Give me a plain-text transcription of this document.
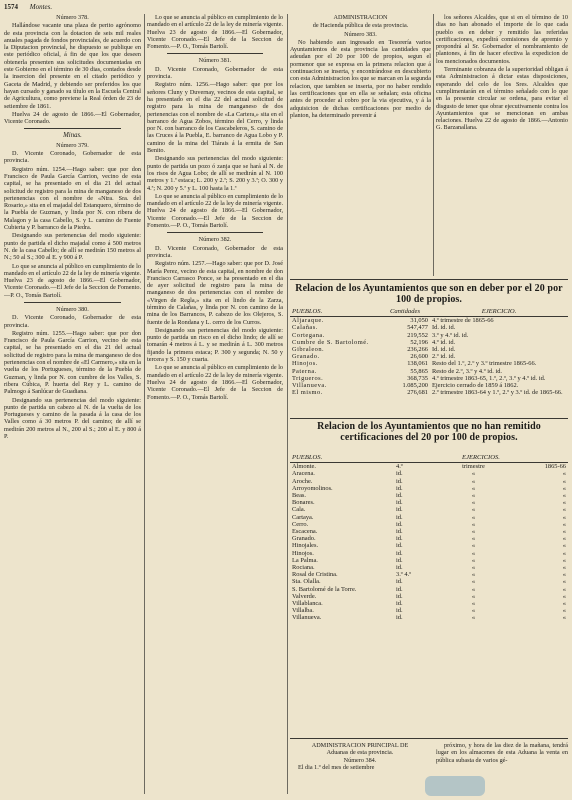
1574 Montes.

Número 378.

Hallándose vacante una plaza de perito agrónomo de esta provincia con la dotacion de seis mil reales anuales pagada de fondos provinciales, de acuerdo con la Diputacion provincial, he dispuesto se publique en este periódico oficial, á fin de que los que deseen obtenerla presenten sus solicitudes documentadas en este Gobierno en el término de 30 dias, contados desde la insercion del presente en el citado periódico y Gaceta de Madrid, y debiendo ser preferidos los que hayan cursado y ganado su título en la Escuela Central de Agricultura, como previene la Real órden de 23 de setiembre de 1861.

Huelva 24 de agosto de 1866.—El Gobernador, Vicente Coronado.

Minas.

Número 379.

D. Vicente Coronado, Gobernador de esta provincia.

Registro núm. 1254.—Hago saber: que por don Francisco de Paula García Carrion, vecino de esta capital, se ha presentado en el dia 21 del actual solicitud de registro para la mina de manganeso de dos pertenencias con el nombre de «Ntra. Sra. del Rosario,» sita en el majadal del Estanquero, término de la Puebla de Guzman, y linda por N. con ribera de Malagon y la casa Cabello, S. y L. camino de Fuente Cubierta y P. barranco de la Piedra.

Designando sus pertenencias del modo siguiente: punto de partida el dicho majadal como á 500 metros N. de la casa Cabello; de allí se medirán 150 metros al N.; 50 al S.; 300 al E. y 900 á P.

Lo que se anuncia al público en cumplimiento de lo mandado en el artículo 22 de la ley de minería vigente. Huelva 23 de agosto de 1866.—El Gobernador, Vicente Coronado.—El Jefe de la Seccion de Fomento.—P. O., Tomás Bartolí.

Número 380.

D. Vicente Coronado, Gobernador de esta provincia.

Registro núm. 1255.—Hago saber: que por don Francisco de Paula García Carrion, vecino de esta capital, se ha presentado en el dia 21 del actual solicitud de registro para la mina de manganeso de dos pertenencias con el nombre de «El Carmero,» sita en la vuelta de los Portugueses, término de la Puebla de Guzman, y linda por N. con cumbre de los Valles, S. ribera Cúbica, P. huerta del Rey y L. camino de Palmogo á Sanlúcar de Guadiana.

Designando sus pertenencias del modo siguiente: punto de partida un cabezo al N. de la vuelta de los Portugueses y camino de la pasada á la casa de los Valles como á 30 metros P. del camino; de allí se medirán 200 metros al N., 200 al S.; 200 al E. y 800 á P.

Lo que se anuncia al público en cumplimiento de lo mandado en el artículo 22 de la ley de minería vigente. Huelva 23 de agosto de 1866.—El Gobernador, Vicente Coronado.—El Jefe de la Seccion de Fomento.—P. O., Tomás Bartolí.

Número 381.

D. Vicente Coronado, Gobernador de esta provincia.

Registro núm. 1256.—Hago saber: que por los señores Cluny y Duvernay, vecinos de esta capital, se ha presentado en el dia 22 del actual solicitud de registro para la mina de manganeso de dos pertenencias con el nombre de «La Cartera,» sita en el barranco de Agua Zobos, término del Cerro, y linda por N. con barranco de los Cascabeleros, S. camino de las Cruces á la Puebla, E. barranco de Agua Lobo y P. camino de la mina del Tiárais á la ermita de San Benito.

Designando sus pertenencias del modo siguiente: punto de partida un pozo ó zanja que se hará al N. de los risos de Agua Lobo; de allí se medirán al N. 100 metros y 1.ª estaca; L. 200 y 2.ª; S. 200 y 3.ª; O. 300 y 4.ª; N. 200 y 5.ª y L. 100 hasta la 1.ª

Lo que se anuncia al público en cumplimiento de lo mandado en el artículo 22 de la ley de minería vigente. Huelva 24 de agosto de 1866.—El Gobernador, Vicente Coronado.—El Jefe de la Seccion de Fomento.—P. O., Tomás Bartolí.

Número 382.

D. Vicente Coronado, Gobernador de esta provincia.

Registro núm. 1257.—Hago saber: que por D. José María Perez, vecino de esta capital, en nombre de don Francisco Carrasco Ponce, se ha presentado en el dia de ayer solicitud de registro para la mina de manganeso de dos pertenencias con el nombre de «Virgen de Regla,» sita en el lindo de la Zarza, término de Calañas, y linda por N. con camino de la mina de los Barrancos, P. cabezo de los Olejeros, S. fuente de la Rondana y L. cerro de los Curros.

Designando sus pertenencias del modo siguiente: punto de partida un risco en el dicho lindo; de allí se tomarán 4 metros á L. y se medirán á L. 300 metros fijando la primera estaca; P. 300 y segunda; N. 50 y tercera y S. 150 y cuarta.

Lo que se anuncia al público en cumplimiento de lo mandado en el artículo 22 de la ley de minería vigente. Huelva 24 de agosto de 1866.—El Gobernador, Vicente Coronado.—El Jefe de la Seccion de Fomento.—P. O., Tomás Bartolí.

ADMINISTRACION

de Hacienda pública de esta provincia.

Número 383.

No habiendo aun ingresado en Tesorería varios Ayuntamientos de esta provincia las cantidades que adeudan por el 20 por 100 de propios, segun el pormenor que se expresa en la primera relacion que á continuacion se inserta, y encontrándose en descubierto con esta Administracion los que se marcan en la segunda relacion, que tambien se inserta, por no haber rendido las certificaciones que en ella se señalan; esta oficina antes de proceder al cobro por la via ejecutiva, y á la adquisicion de dichas certificaciones por medio de planton, ha determinado prevenir á

los señores Alcaldes, que si en el término de 10 dias no han abonado el importe de lo que cada pueblo es en deber y remitido las referidas certificaciones, expedirá comisiones de apremio y propondrá al Sr. Gobernador el nombramiento de plantones, á fin de hacer efectiva la expedicion de los mencionados documentos.

Terminante cobranza de la superioridad obligan á esta Administracion á dictar estas disposiciones, esperando del celo de los Sres. Alcaldes que cumplimentarán en el término señalado con lo que en la presente circular se ordena, para evitar el disgusto de tener que obrar ejecutivamente contra los Ayuntamientos que se mencionan en ambas relaciones. Huelva 22 de agosto de 1866.—Antonio G. Barzanallana.

Relacion de los Ayuntamientos que son en deber por el 20 por 100 de propios.
PUEBLOS.	Cantidades	EJERCICIO.
Aljaraque.	31,050	4.º trimestre de 1865-66
Calañas.	547,477	Id. id. id.
Cortegana.	219,552	3.º y 4.º id. id.
Cumbre de S. Bartolomé.	52,196	4.º id. id.
Gibraleon.	236,266	Id. id. id.
Granado.	26,600	2.º id. id.
Hinojos.	138,061	Resto del 1.º, 2.º y 3.º trimestre 1865-66.
Paterna.	55,865	Resto de 2.º, 3.º y 4.º id. id.
Trigueros.	368,735	4.º trimestre 1863-65, 1.º, 2.º, 3.º y 4.º id. id.
Villanueva.	1.085,200	Ejercicio cerrado de 1859 á 1862.
El mismo.	276,681	2.º trimestre 1863-64 y 1.º, 2.º y 3.º id. de 1865-66.
Relacion de los Ayuntamientos que no han remitido certificaciones del 20 por 100 de propios.
PUEBLOS.	EJERCICIOS.		
Almonte.	4.º	trimestre	1865-66
Aracena.	id.	«	«
Aroche.	id.	«	«
Arroyomolinos.	id.	«	«
Beas.	id.	«	«
Bonares.	id.	«	«
Cala.	id.	«	«
Cartaya.	id.	«	«
Cerro.	id.	«	«
Escacena.	id.	«	«
Granado.	id.	«	«
Hinojales.	id.	«	«
Hinojos.	id.	«	«
La Palma.	id.	«	«
Rociana.	id.	«	«
Rosal de Cristina.	3.º 4.º	«	«
Sta. Olalla.	id.	«	«
S. Bartolomé de la Torre.	id.	«	«
Valverde.	id.	«	«
Villablanca.	id.	«	«
Villalba.	id.	«	«
Villanueva.	id.	«	«

ADMINISTRACION PRINCIPAL DE

Aduanas de esta provincia.

Número 384.

El dia 1.º del mes de setiembre

próximo, y hora de las diez de la mañana, tendrá lugar en los almacenes de esta Aduana la venta en pública subasta de varios gé-
